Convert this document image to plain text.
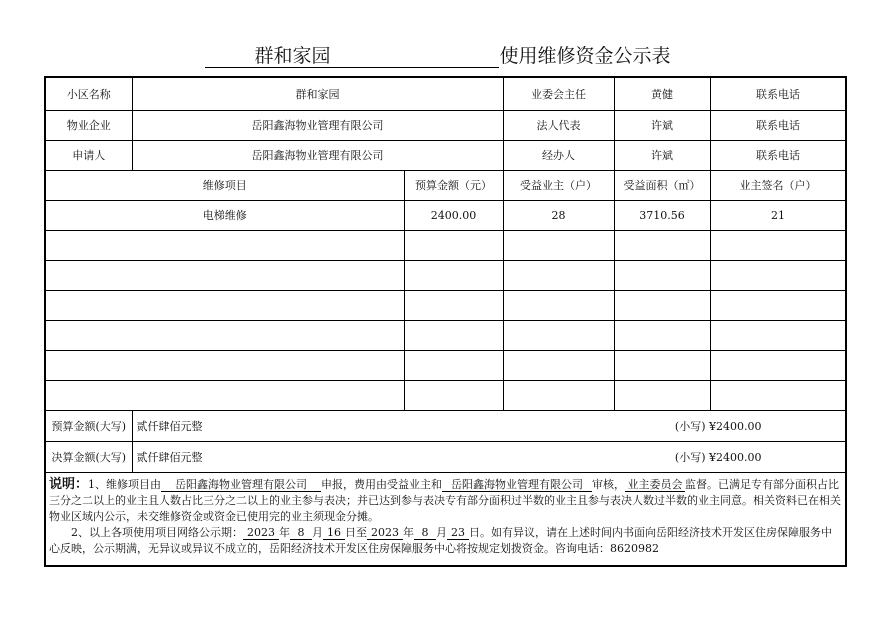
群和家园	使用维修资金公示表
小区名称	群和家园		业委会主任	黄健	联系电话	
物业企业	岳阳鑫海物业管理有限公司		法人代表	许斌	联系电话	
申请人	岳阳鑫海物业管理有限公司		经办人	许斌	联系电话	
维修项目		预算金额（元）	受益业主（户）	受益面积（㎡）	业主签名（户）	
电梯维修		2400.00	28	3710.56	21	

预算金额(大写)	贰仟肆佰元整 (小写) ¥2400.00					

决算金额(大写)	贰仟肆佰元整 (小写) ¥2400.00					

说明：1、维修项目由 岳阳鑫海物业管理有限公司 申报，费用由受益业主和 岳阳鑫海物业管理有限公司 审核， 业主委员会 监督。已满足专有部分面积占比三分之二以上的业主且人数占比三分之二以上的业主参与表决；并已达到参与表决专有部分面积过半数的业主且参与表决人数过半数的业主同意。相关资料已在相关物业区域内公示，未交维修资金或资金已使用完的业主须现金分摊。
2、以上各项使用项目网络公示期： 2023 年 8 月 16 日至 2023 年 8 月 23 日。如有异议，请在上述时间内书面向岳阳经济技术开发区住房保障服务中心反映，公示期满，无异议或异议不成立的，岳阳经济技术开发区住房保障服务中心将按规定划拨资金。咨询电话：8620982						
